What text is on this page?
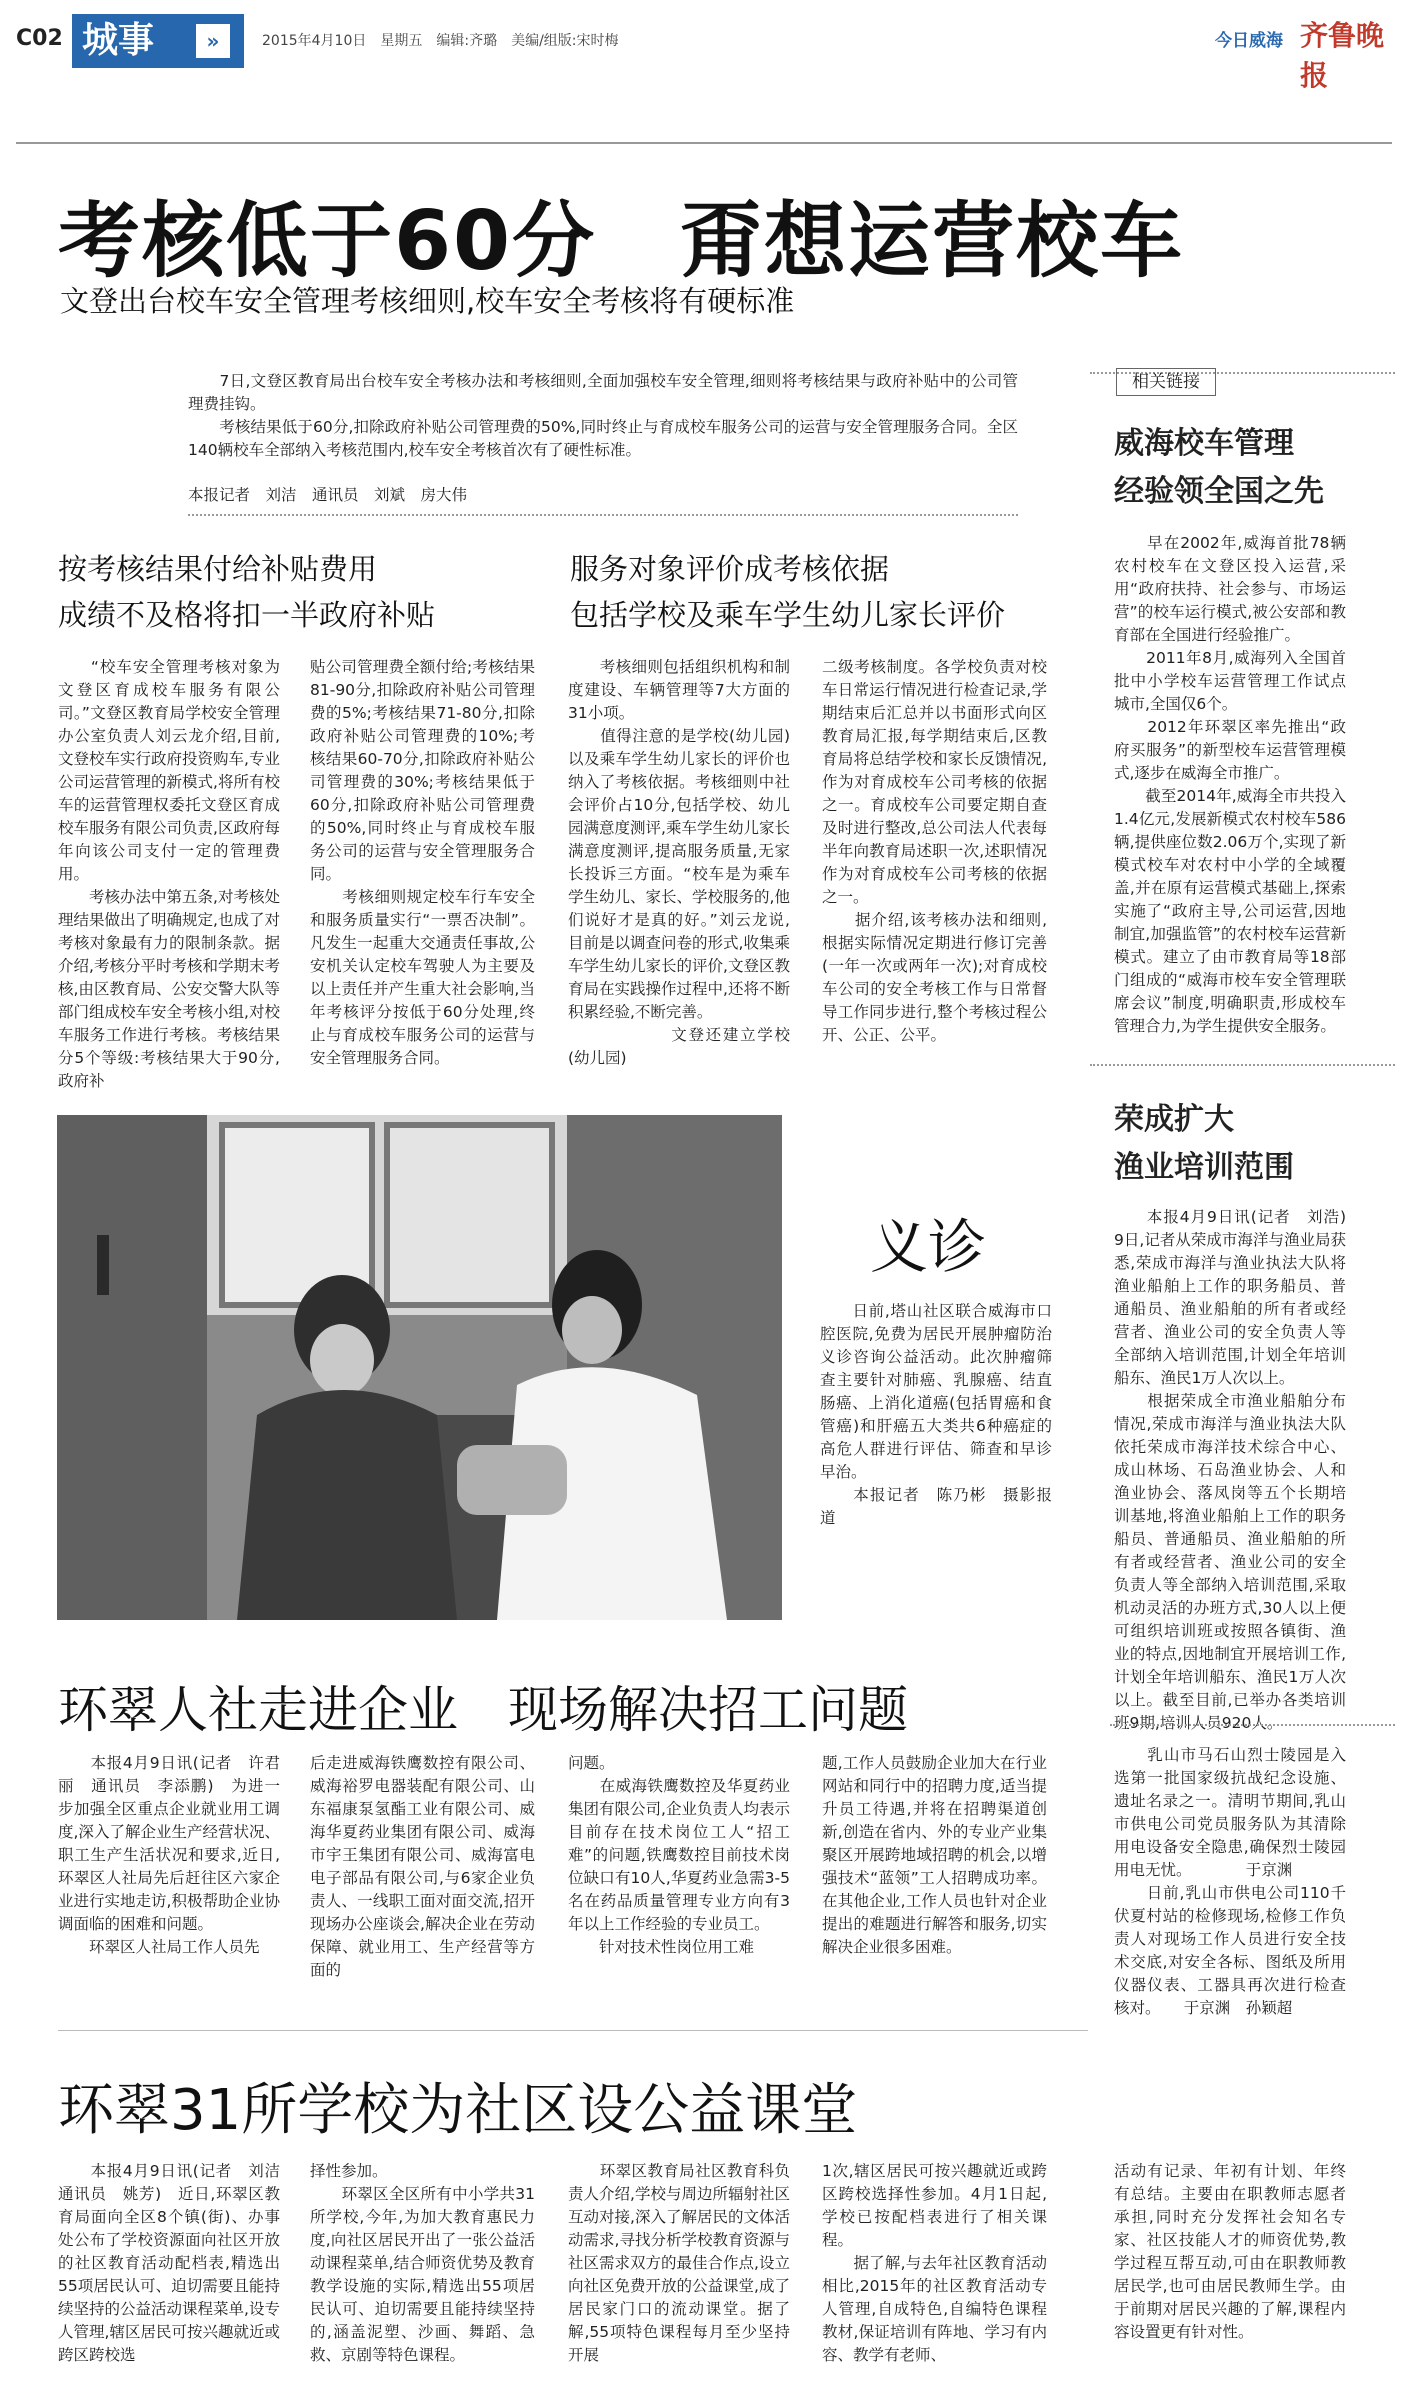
C02 城事	»	2015年4月10日　星期五　编辑:齐璐　美编/组版:宋时梅	今日威海 齐鲁晚报
考核低于60分　甭想运营校车
文登出台校车安全管理考核细则,校车安全考核将有硬标准
　　7日,文登区教育局出台校车安全考核办法和考核细则,全面加强校车安全管理,细则将考核结果与政府补贴中的公司管理费挂钩。
　　考核结果低于60分,扣除政府补贴公司管理费的50%,同时终止与育成校车服务公司的运营与安全管理服务合同。全区140辆校车全部纳入考核范围内,校车安全考核首次有了硬性标准。
本报记者　刘洁　通讯员　刘斌　房大伟
按考核结果付给补贴费用
成绩不及格将扣一半政府补贴
服务对象评价成考核依据
包括学校及乘车学生幼儿家长评价
　　“校车安全管理考核对象为文登区育成校车服务有限公司。”文登区教育局学校安全管理办公室负责人刘云龙介绍,目前,文登校车实行政府投资购车,专业公司运营管理的新模式,将所有校车的运营管理权委托文登区育成校车服务有限公司负责,区政府每年向该公司支付一定的管理费用。
　　考核办法中第五条,对考核处理结果做出了明确规定,也成了对考核对象最有力的限制条款。据介绍,考核分平时考核和学期末考核,由区教育局、公安交警大队等部门组成校车安全考核小组,对校车服务工作进行考核。考核结果分5个等级:考核结果大于90分,政府补
贴公司管理费全额付给;考核结果81-90分,扣除政府补贴公司管理费的5%;考核结果71-80分,扣除政府补贴公司管理费的10%;考核结果60-70分,扣除政府补贴公司管理费的30%;考核结果低于60分,扣除政府补贴公司管理费的50%,同时终止与育成校车服务公司的运营与安全管理服务合同。
　　考核细则规定校车行车安全和服务质量实行“一票否决制”。凡发生一起重大交通责任事故,公安机关认定校车驾驶人为主要及以上责任并产生重大社会影响,当年考核评分按低于60分处理,终止与育成校车服务公司的运营与安全管理服务合同。
　　考核细则包括组织机构和制度建设、车辆管理等7大方面的31小项。
　　值得注意的是学校(幼儿园)以及乘车学生幼儿家长的评价也纳入了考核依据。考核细则中社会评价占10分,包括学校、幼儿园满意度测评,乘车学生幼儿家长满意度测评,提高服务质量,无家长投诉三方面。“校车是为乘车学生幼儿、家长、学校服务的,他们说好才是真的好。”刘云龙说,目前是以调查问卷的形式,收集乘车学生幼儿家长的评价,文登区教育局在实践操作过程中,还将不断积累经验,不断完善。
　　　　　　文登还建立学校(幼儿园)
二级考核制度。各学校负责对校车日常运行情况进行检查记录,学期结束后汇总并以书面形式向区教育局汇报,每学期结束后,区教育局将总结学校和家长反馈情况,作为对育成校车公司考核的依据之一。育成校车公司要定期自查及时进行整改,总公司法人代表每半年向教育局述职一次,述职情况作为对育成校车公司考核的依据之一。
　　据介绍,该考核办法和细则,根据实际情况定期进行修订完善(一年一次或两年一次);对育成校车公司的安全考核工作与日常督导工作同步进行,整个考核过程公开、公正、公平。
相关链接
威海校车管理
经验领全国之先
　　早在2002年,威海首批78辆农村校车在文登区投入运营,采用“政府扶持、社会参与、市场运营”的校车运行模式,被公安部和教育部在全国进行经验推广。
　　2011年8月,威海列入全国首批中小学校车运营管理工作试点城市,全国仅6个。
　　2012年环翠区率先推出“政府买服务”的新型校车运营管理模式,逐步在威海全市推广。
　　截至2014年,威海全市共投入1.4亿元,发展新模式农村校车586辆,提供座位数2.06万个,实现了新模式校车对农村中小学的全域覆盖,并在原有运营模式基础上,探索实施了“政府主导,公司运营,因地制宜,加强监管”的农村校车运营新模式。建立了由市教育局等18部门组成的“威海市校车安全管理联席会议”制度,明确职责,形成校车管理合力,为学生提供安全服务。
荣成扩大
渔业培训范围
　　本报4月9日讯(记者　刘浩)　9日,记者从荣成市海洋与渔业局获悉,荣成市海洋与渔业执法大队将渔业船舶上工作的职务船员、普通船员、渔业船舶的所有者或经营者、渔业公司的安全负责人等全部纳入培训范围,计划全年培训船东、渔民1万人次以上。
　　根据荣成全市渔业船舶分布情况,荣成市海洋与渔业执法大队依托荣成市海洋技术综合中心、成山林场、石岛渔业协会、人和渔业协会、落凤岗等五个长期培训基地,将渔业船舶上工作的职务船员、普通船员、渔业船舶的所有者或经营者、渔业公司的安全负责人等全部纳入培训范围,采取机动灵活的办班方式,30人以上便可组织培训班或按照各镇街、渔业的特点,因地制宜开展培训工作,计划全年培训船东、渔民1万人次以上。截至目前,已举办各类培训班9期,培训人员920人。
　　乳山市马石山烈士陵园是入选第一批国家级抗战纪念设施、遗址名录之一。清明节期间,乳山市供电公司党员服务队为其清除用电设备安全隐患,确保烈士陵园用电无忧。　　　　于京渊
　　日前,乳山市供电公司110千伏夏村站的检修现场,检修工作负责人对现场工作人员进行安全技术交底,对安全各标、图纸及所用仪器仪表、工器具再次进行检查核对。　　于京渊　孙颖超
义诊
　　日前,塔山社区联合威海市口腔医院,免费为居民开展肿瘤防治义诊咨询公益活动。此次肿瘤筛查主要针对肺癌、乳腺癌、结直肠癌、上消化道癌(包括胃癌和食管癌)和肝癌五大类共6种癌症的高危人群进行评估、筛查和早诊早治。
　　本报记者　陈乃彬　摄影报道
环翠人社走进企业　现场解决招工问题
　　本报4月9日讯(记者　许君丽　通讯员　李添鹏)　为进一步加强全区重点企业就业用工调度,深入了解企业生产经营状况、职工生产生活状况和要求,近日,环翠区人社局先后赶往区六家企业进行实地走访,积极帮助企业协调面临的困难和问题。
　　环翠区人社局工作人员先
后走进威海铁鹰数控有限公司、威海裕罗电器装配有限公司、山东福康泵氢酯工业有限公司、威海华夏药业集团有限公司、威海市宇王集团有限公司、威海富电电子部品有限公司,与6家企业负责人、一线职工面对面交流,招开现场办公座谈会,解决企业在劳动保障、就业用工、生产经营等方面的
问题。
　　在威海铁鹰数控及华夏药业集团有限公司,企业负责人均表示目前存在技术岗位工人“招工难”的问题,铁鹰数控目前技术岗位缺口有10人,华夏药业急需3-5名在药品质量管理专业方向有3年以上工作经验的专业员工。
　　针对技术性岗位用工难
题,工作人员鼓励企业加大在行业网站和同行中的招聘力度,适当提升员工待遇,并将在招聘渠道创新,创造在省内、外的专业产业集聚区开展跨地域招聘的机会,以增强技术“蓝领”工人招聘成功率。在其他企业,工作人员也针对企业提出的难题进行解答和服务,切实解决企业很多困难。
环翠31所学校为社区设公益课堂
　　本报4月9日讯(记者　刘洁　通讯员　姚芳)　近日,环翠区教育局面向全区8个镇(街)、办事处公布了学校资源面向社区开放的社区教育活动配档表,精选出55项居民认可、迫切需要且能持续坚持的公益活动课程菜单,设专人管理,辖区居民可按兴趣就近或跨区跨校选
择性参加。
　　环翠区全区所有中小学共31所学校,今年,为加大教育惠民力度,向社区居民开出了一张公益活动课程菜单,结合师资优势及教育教学设施的实际,精选出55项居民认可、迫切需要且能持续坚持的,涵盖泥塑、沙画、舞蹈、急救、京剧等特色课程。
　　环翠区教育局社区教育科负责人介绍,学校与周边所辐射社区互动对接,深入了解居民的文体活动需求,寻找分析学校教育资源与社区需求双方的最佳合作点,设立向社区免费开放的公益课堂,成了居民家门口的流动课堂。据了解,55项特色课程每月至少坚持开展
1次,辖区居民可按兴趣就近或跨区跨校选择性参加。4月1日起,学校已按配档表进行了相关课程。
　　据了解,与去年社区教育活动相比,2015年的社区教育活动专人管理,自成特色,自编特色课程教材,保证培训有阵地、学习有内容、教学有老师、
活动有记录、年初有计划、年终有总结。主要由在职教师志愿者承担,同时充分发挥社会知名专家、社区技能人才的师资优势,教学过程互帮互动,可由在职教师教居民学,也可由居民教师生学。由于前期对居民兴趣的了解,课程内容设置更有针对性。
